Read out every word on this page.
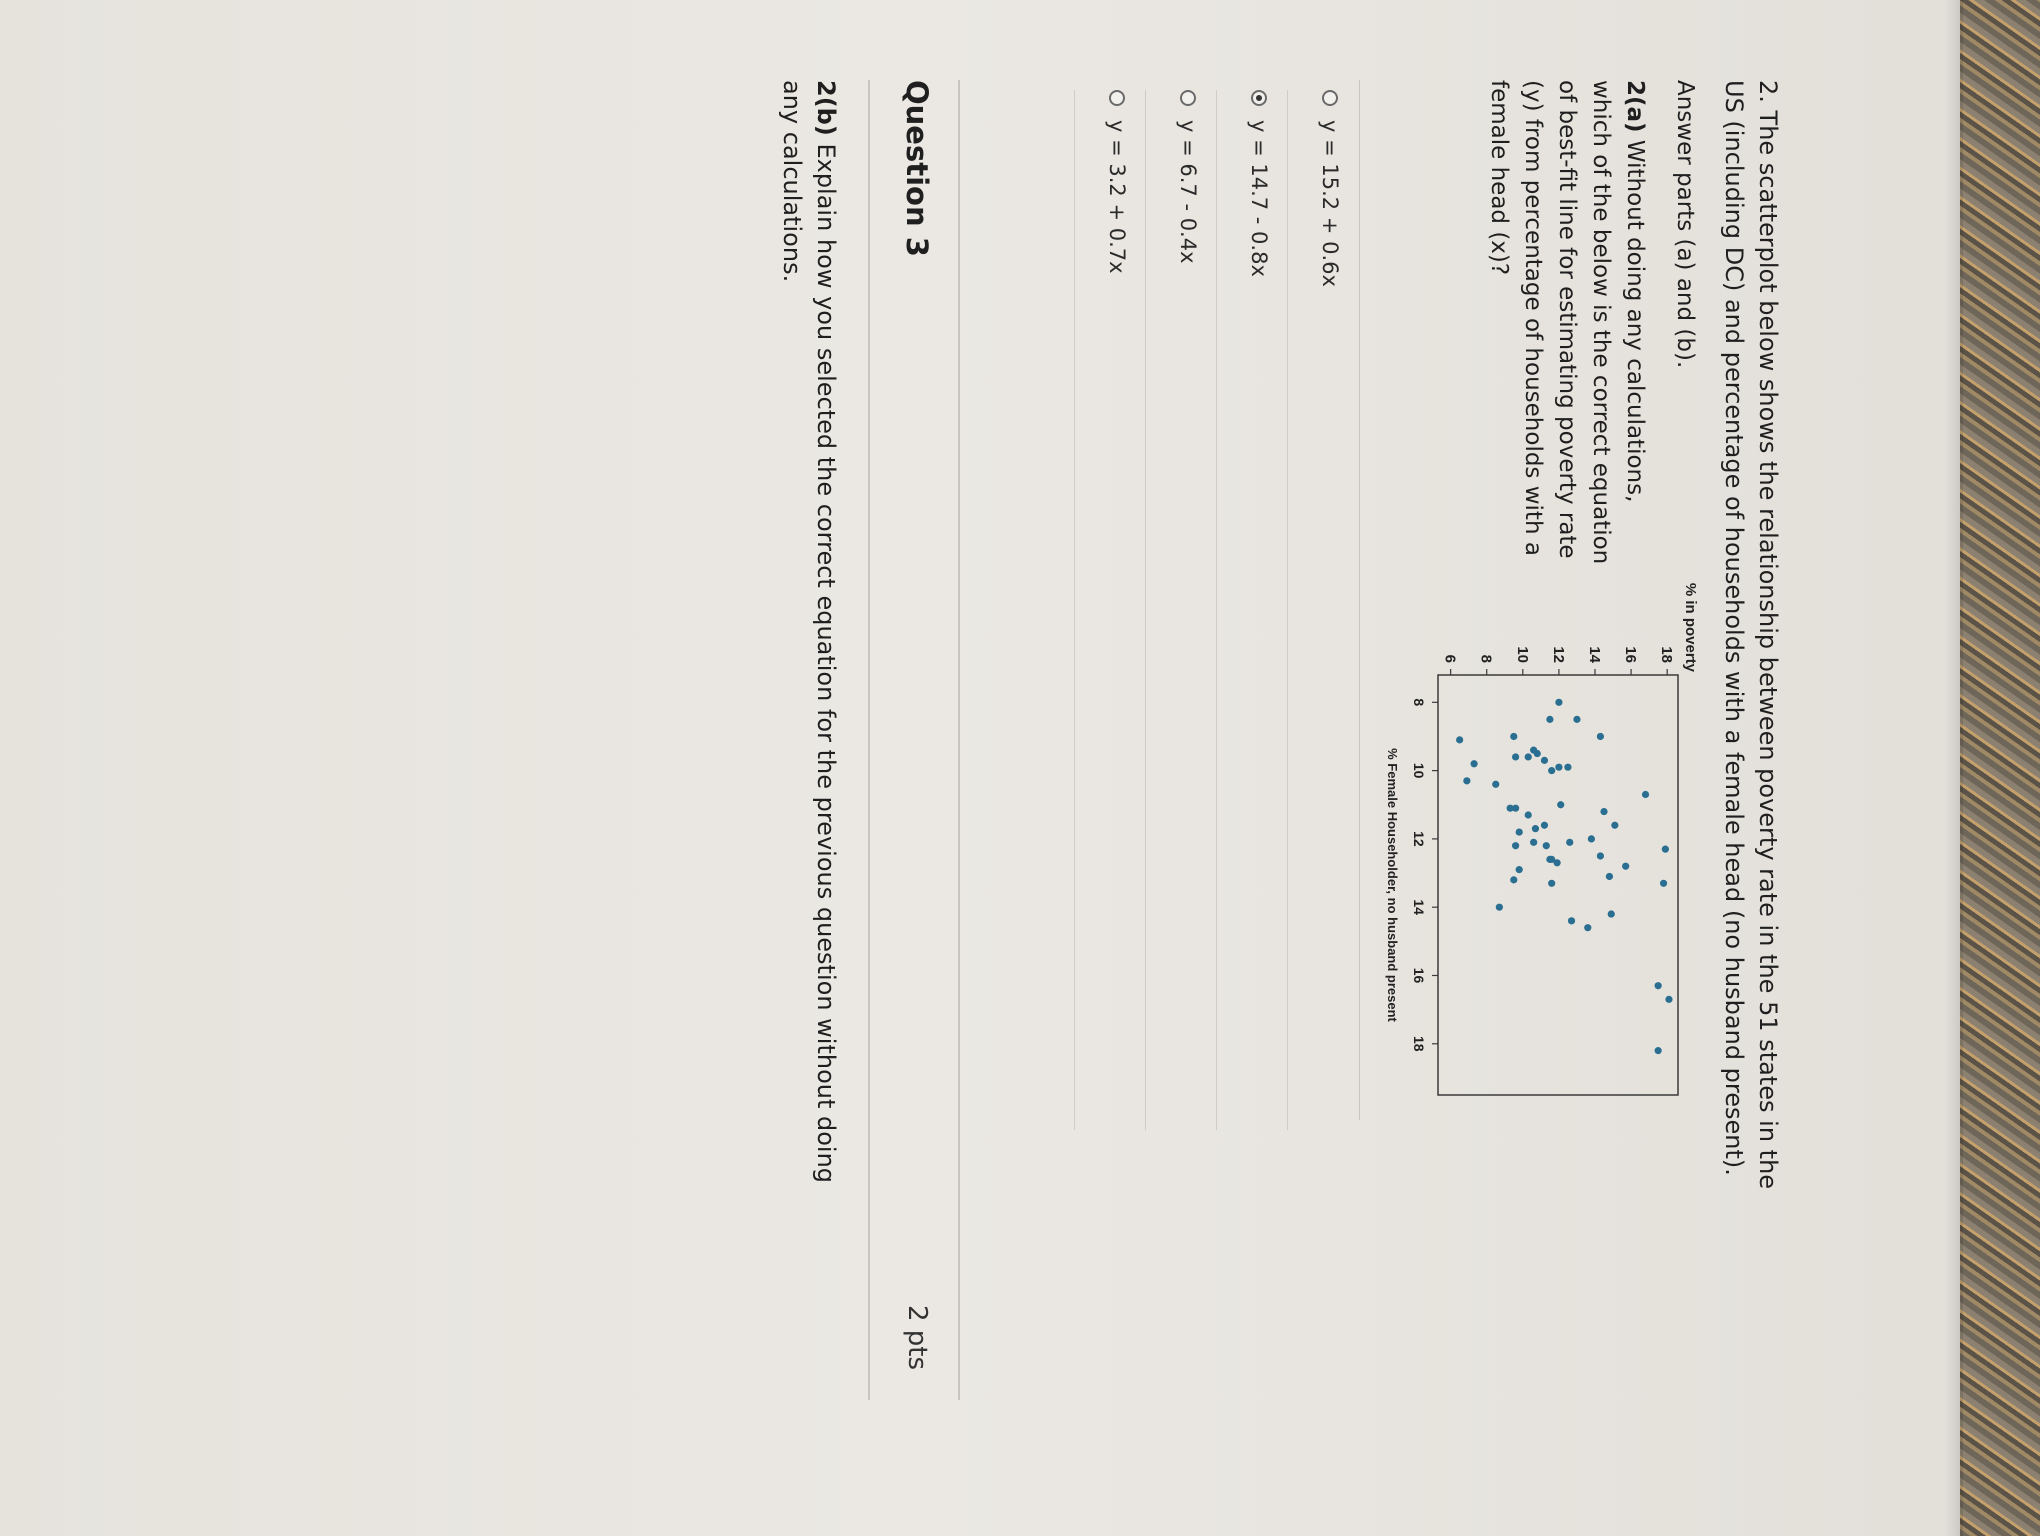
2. The scatterplot below shows the relationship between poverty rate in the 51 states in the
US (including DC) and percentage of households with a female head (no husband present).
Answer parts (a) and (b).
2(a) Without doing any calculations,
which of the below is the correct equation
of best-fit line for estimating poverty rate
(y) from percentage of households with a
female head (x)?
% in poverty
% Female Householder, no husband present
8
10
12
14
16
18
6 8 10 12 14 16 18
y = 15.2 + 0.6x
y = 14.7 - 0.8x
y = 6.7 - 0.4x
y = 3.2 + 0.7x
Question 3
2 pts
2(b) Explain how you selected the correct equation for the previous question without doing
any calculations.
